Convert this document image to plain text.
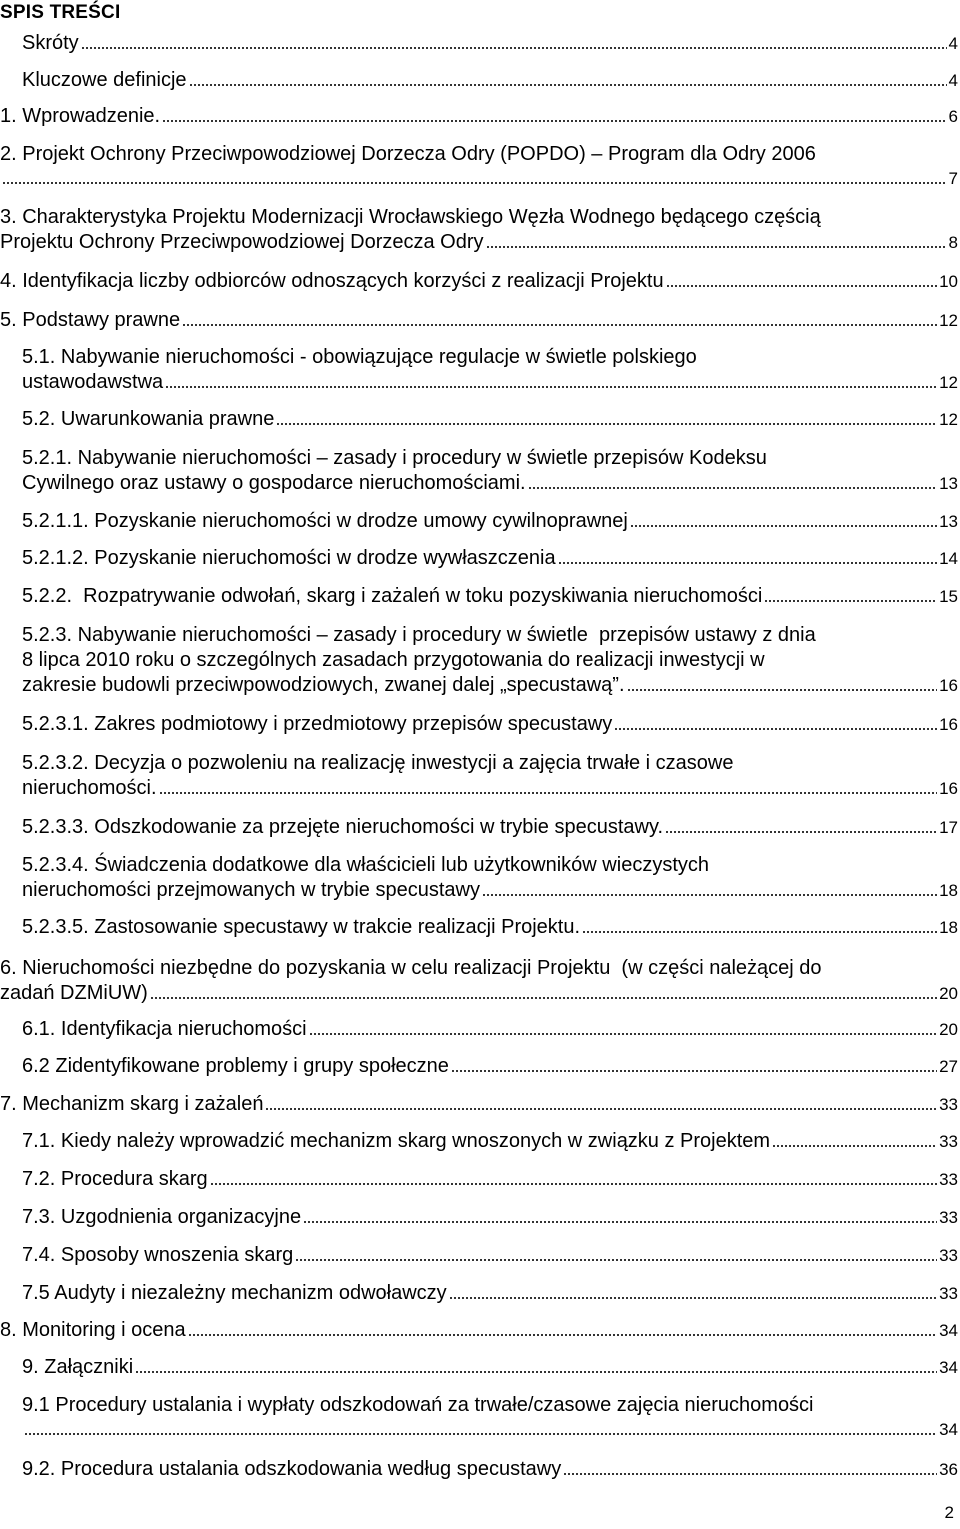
SPIS TREŚCI
Skróty	4
Kluczowe definicje	4
1. Wprowadzenie.	6
2. Projekt Ochrony Przeciwpowodziowej Dorzecza Odry (POPDO) – Program dla Odry 2006
7
3. Charakterystyka Projektu Modernizacji Wrocławskiego Węzła Wodnego będącego częścią
Projektu Ochrony Przeciwpowodziowej Dorzecza Odry	8
4. Identyfikacja liczby odbiorców odnoszących korzyści z realizacji Projektu	10
5. Podstawy prawne	12
5.1. Nabywanie nieruchomości - obowiązujące regulacje w świetle polskiego
ustawodawstwa	12
5.2. Uwarunkowania prawne	12
5.2.1. Nabywanie nieruchomości – zasady i procedury w świetle przepisów Kodeksu
Cywilnego oraz ustawy o gospodarce nieruchomościami.	13
5.2.1.1. Pozyskanie nieruchomości w drodze umowy cywilnoprawnej	13
5.2.1.2. Pozyskanie nieruchomości w drodze wywłaszczenia	14
5.2.2.  Rozpatrywanie odwołań, skarg i zażaleń w toku pozyskiwania nieruchomości	15
5.2.3. Nabywanie nieruchomości – zasady i procedury w świetle  przepisów ustawy z dnia
8 lipca 2010 roku o szczególnych zasadach przygotowania do realizacji inwestycji w
zakresie budowli przeciwpowodziowych, zwanej dalej „specustawą”.	16
5.2.3.1. Zakres podmiotowy i przedmiotowy przepisów specustawy	16
5.2.3.2. Decyzja o pozwoleniu na realizację inwestycji a zajęcia trwałe i czasowe
nieruchomości.	16
5.2.3.3. Odszkodowanie za przejęte nieruchomości w trybie specustawy.	17
5.2.3.4. Świadczenia dodatkowe dla właścicieli lub użytkowników wieczystych
nieruchomości przejmowanych w trybie specustawy	18
5.2.3.5. Zastosowanie specustawy w trakcie realizacji Projektu.	18
6. Nieruchomości niezbędne do pozyskania w celu realizacji Projektu  (w części należącej do
zadań DZMiUW)	20
6.1. Identyfikacja nieruchomości	20
6.2 Zidentyfikowane problemy i grupy społeczne	27
7. Mechanizm skarg i zażaleń	33
7.1. Kiedy należy wprowadzić mechanizm skarg wnoszonych w związku z Projektem	33
7.2. Procedura skarg	33
7.3. Uzgodnienia organizacyjne	33
7.4. Sposoby wnoszenia skarg	33
7.5 Audyty i niezależny mechanizm odwoławczy	33
8. Monitoring i ocena	34
9. Załączniki	34
9.1 Procedury ustalania i wypłaty odszkodowań za trwałe/czasowe zajęcia nieruchomości
34
9.2. Procedura ustalania odszkodowania według specustawy	36
2
